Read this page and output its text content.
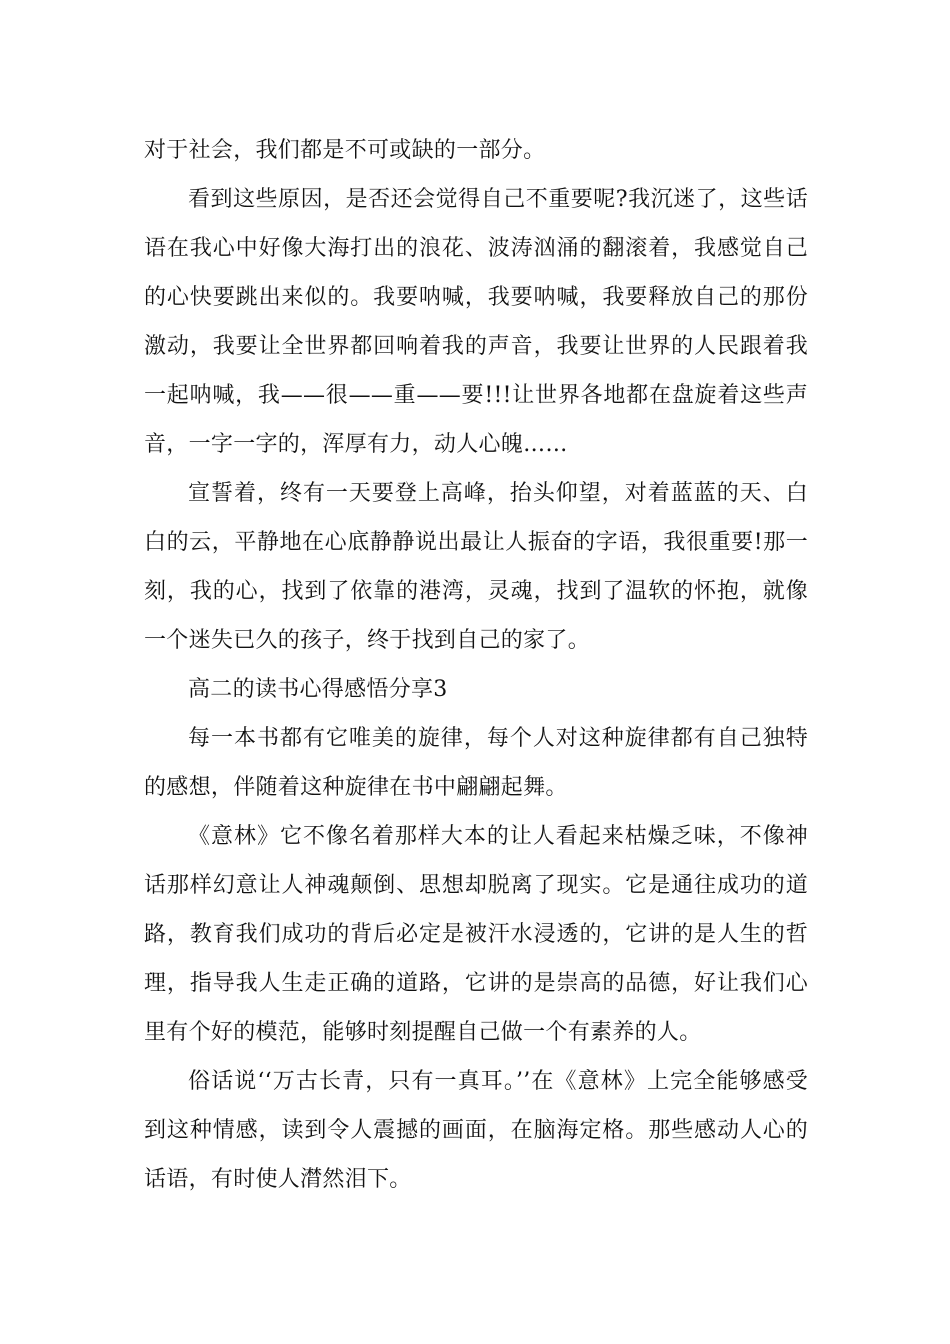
对于社会，我们都是不可或缺的一部分。

看到这些原因，是否还会觉得自己不重要呢?我沉迷了，这些话语在我心中好像大海打出的浪花、波涛汹涌的翻滚着，我感觉自己的心快要跳出来似的。我要呐喊，我要呐喊，我要释放自己的那份激动，我要让全世界都回响着我的声音，我要让世界的人民跟着我一起呐喊，我——很——重——要!!!让世界各地都在盘旋着这些声音，一字一字的，浑厚有力，动人心魄……

宣誓着，终有一天要登上高峰，抬头仰望，对着蓝蓝的天、白白的云，平静地在心底静静说出最让人振奋的字语，我很重要!那一刻，我的心，找到了依靠的港湾，灵魂，找到了温软的怀抱，就像一个迷失已久的孩子，终于找到自己的家了。

高二的读书心得感悟分享3

每一本书都有它唯美的旋律，每个人对这种旋律都有自己独特的感想，伴随着这种旋律在书中翩翩起舞。

《意林》它不像名着那样大本的让人看起来枯燥乏味，不像神话那样幻意让人神魂颠倒、思想却脱离了现实。它是通往成功的道路，教育我们成功的背后必定是被汗水浸透的，它讲的是人生的哲理，指导我人生走正确的道路，它讲的是崇高的品德，好让我们心里有个好的模范，能够时刻提醒自己做一个有素养的人。

俗话说‘‘万古长青，只有一真耳。’’在《意林》上完全能够感受到这种情感，读到令人震撼的画面，在脑海定格。那些感动人心的话语，有时使人潸然泪下。
